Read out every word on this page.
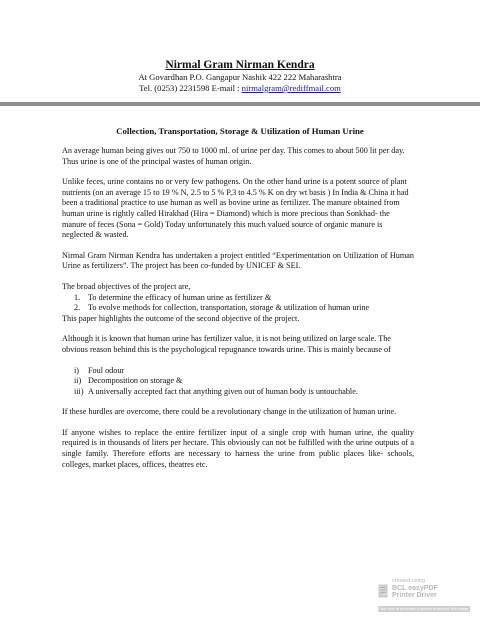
Nirmal Gram Nirman Kendra
At Govardhan P.O. Gangapur Nashik 422 222 Maharashtra
Tel. (0253) 2231598 E-mail : nirmalgram@rediffmail.com
Collection, Transportation, Storage & Utilization of Human Urine

An average human being gives out 750 to 1000 ml. of urine per day. This comes to about 500 lit per day. Thus urine is one of the principal wastes of human origin.

Unlike feces, urine contains no or very few pathogens. On the other hand urine is a potent source of plant nutrients (on an average 15 to 19 % N, 2.5 to 5 % P,3 to 4.5 % K on dry wt basis ) In India & China it had been a traditional practice to use human as well as bovine urine as fertilizer. The manure obtained from human urine is rightly called Hirakhad (Hira = Diamond) which is more precious than Sonkhad- the manure of feces (Sona = Gold) Today unfortunately this much valued source of organic manure is neglected & wasted.

Nirmal Gram Nirman Kendra has undertaken a project entitled “Experimentation on Utilization of Human Urine as fertilizers”. The project has been co-funded by UNICEF & SEI.

The broad objectives of the project are,

1. To determine the efficacy of human urine as fertilizer &
2. To evolve methods for collection, transportation, storage & utilization of human urine

This paper highlights the outcome of the second objective of the project.

Although it is known that human urine has fertilizer value, it is not being utilized on large scale. The obvious reason behind this is the psychological repugnance towards urine. This is mainly because of

i) Foul odour
ii) Decomposition on storage &
iii) A universally accepted fact that anything given out of human body is untouchable.

If these hurdles are overcome, there could be a revolutionary change in the utilization of human urine.

If anyone wishes to replace the entire fertilizer input of a single crop with human urine, the quality required is in thousands of liters per hectare. This obviously can not be fulfilled with the urine outputs of a single family. Therefore efforts are necessary to harness the urine from public places like- schools, colleges, market places, offices, theatres etc.

created using
BCL easyPDF
Printer Driver
Click here to purchase a license to remove this image
